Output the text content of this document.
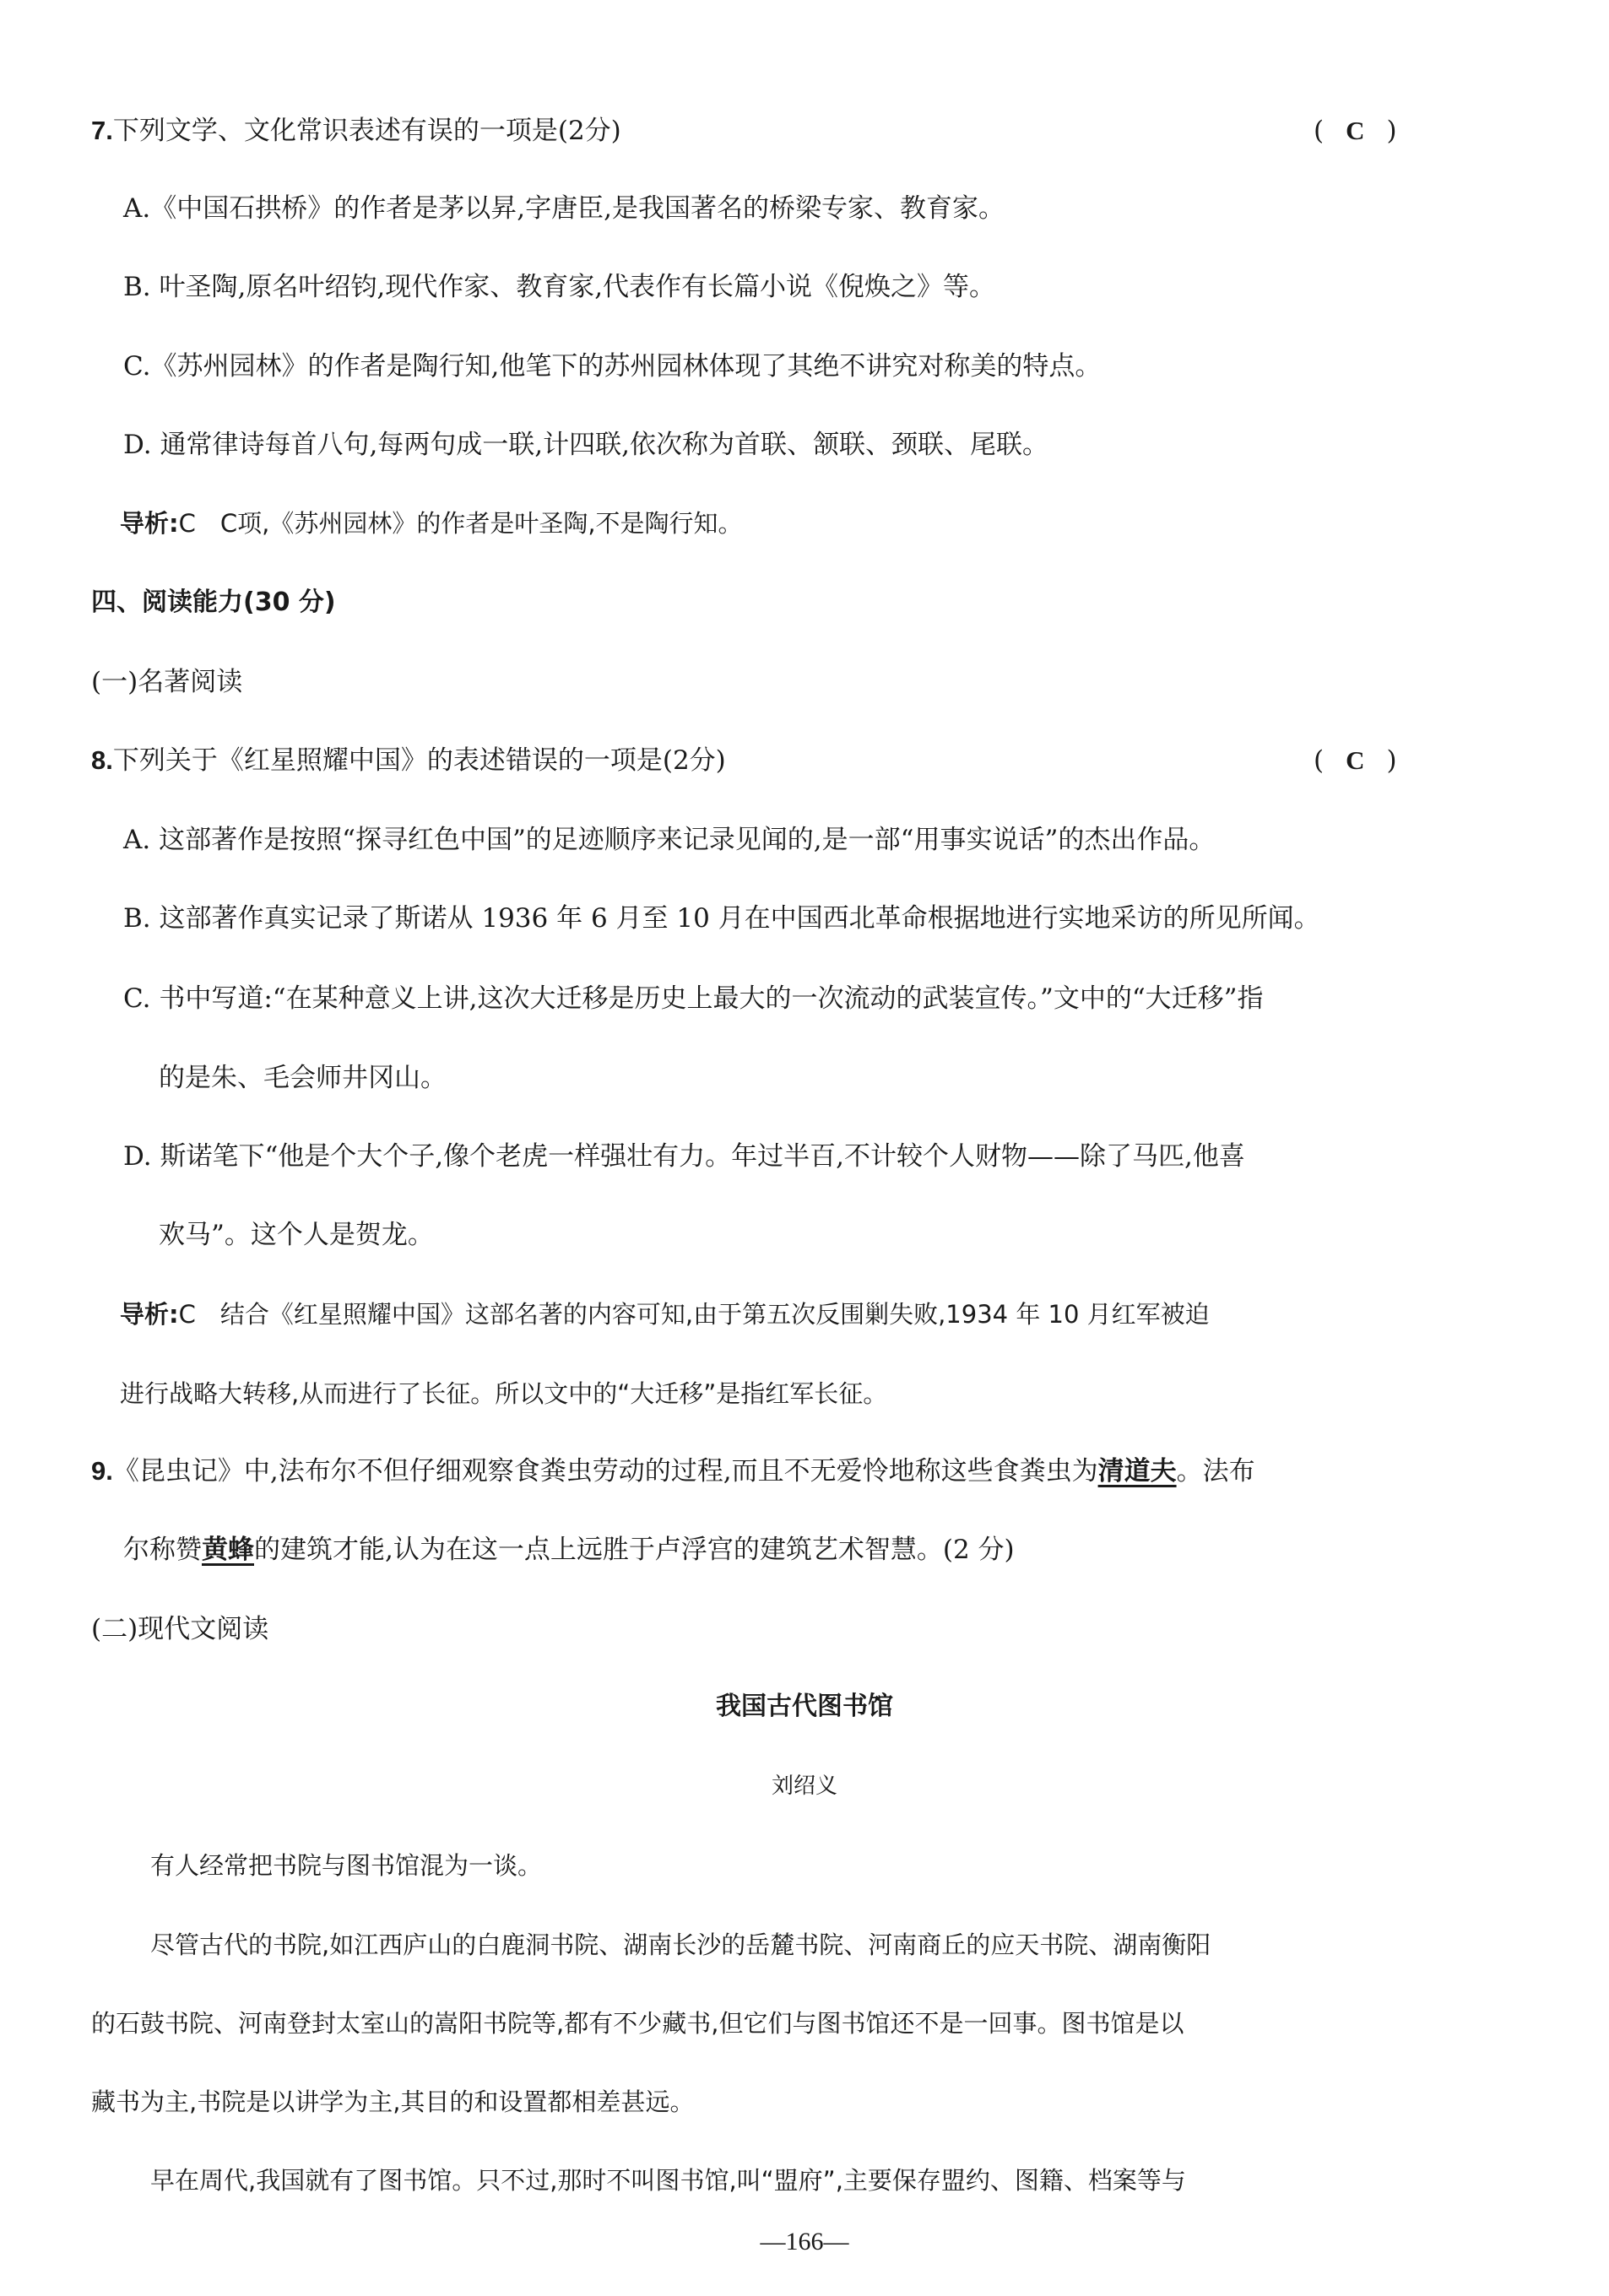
7.下列文学、文化常识表述有误的一项是(2分)	( C )
A.《中国石拱桥》的作者是茅以昇,字唐臣,是我国著名的桥梁专家、教育家。
B. 叶圣陶,原名叶绍钧,现代作家、教育家,代表作有长篇小说《倪焕之》等。
C.《苏州园林》的作者是陶行知,他笔下的苏州园林体现了其绝不讲究对称美的特点。
D. 通常律诗每首八句,每两句成一联,计四联,依次称为首联、颔联、颈联、尾联。
导析:C　C项,《苏州园林》的作者是叶圣陶,不是陶行知。
四、阅读能力(30 分)
(一)名著阅读
8.下列关于《红星照耀中国》的表述错误的一项是(2分)	( C )
A. 这部著作是按照“探寻红色中国”的足迹顺序来记录见闻的,是一部“用事实说话”的杰出作品。
B. 这部著作真实记录了斯诺从 1936 年 6 月至 10 月在中国西北革命根据地进行实地采访的所见所闻。
C. 书中写道:“在某种意义上讲,这次大迁移是历史上最大的一次流动的武装宣传。”文中的“大迁移”指
的是朱、毛会师井冈山。
D. 斯诺笔下“他是个大个子,像个老虎一样强壮有力。年过半百,不计较个人财物——除了马匹,他喜
欢马”。这个人是贺龙。
导析:C　结合《红星照耀中国》这部名著的内容可知,由于第五次反围剿失败,1934 年 10 月红军被迫
进行战略大转移,从而进行了长征。所以文中的“大迁移”是指红军长征。
9.《昆虫记》中,法布尔不但仔细观察食粪虫劳动的过程,而且不无爱怜地称这些食粪虫为清道夫。法布
尔称赞黄蜂的建筑才能,认为在这一点上远胜于卢浮宫的建筑艺术智慧。(2 分)
(二)现代文阅读
我国古代图书馆
刘绍义
有人经常把书院与图书馆混为一谈。
尽管古代的书院,如江西庐山的白鹿洞书院、湖南长沙的岳麓书院、河南商丘的应天书院、湖南衡阳
的石鼓书院、河南登封太室山的嵩阳书院等,都有不少藏书,但它们与图书馆还不是一回事。图书馆是以
藏书为主,书院是以讲学为主,其目的和设置都相差甚远。
早在周代,我国就有了图书馆。只不过,那时不叫图书馆,叫“盟府”,主要保存盟约、图籍、档案等与
—166—
